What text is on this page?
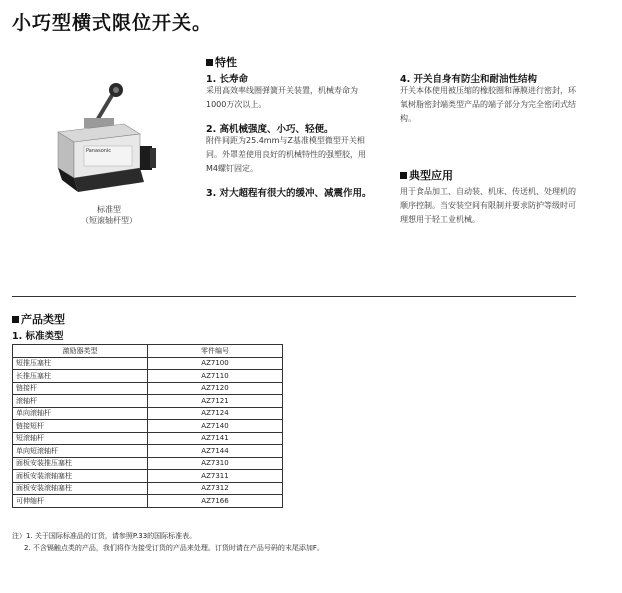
小巧型横式限位开关。
Panasonic
标准型
（短滚轴杆型）
特性
1. 长寿命
采用高效率线圈弹簧开关装置，机械寿命为
1000万次以上。
2. 高机械强度、小巧、轻便。
附件间距为25.4mm与Z基准模型微型开关相
同。外罩差使用良好的机械特性的强塑胶，用
M4螺钉固定。
3. 对大超程有很大的缓冲、减震作用。
4. 开关自身有防尘和耐油性结构
开关本体使用被压缩的橡胶圈和薄膜进行密封，环
氧树脂密封端类型产品的端子部分为完全密闭式结
构。
典型应用
用于食品加工、自动装、机床、传送机、处理机的
顺序控制。当安装空间有限制并要求防护等级时可
理想用于轻工业机械。
产品类型
1. 标准类型
激励器类型	零件编号
短推压塞柱	AZ7100
长推压塞柱	AZ7110
链接杆	AZ7120
滚轴杆	AZ7121
单向滚轴杆	AZ7124
链接短杆	AZ7140
短滚轴杆	AZ7141
单向短滚轴杆	AZ7144
面板安装推压塞柱	AZ7310
面板安装滚轴塞柱	AZ7311
面板安装滚轴塞柱	AZ7312
可伸缩杆	AZ7166
注）1. 关于国际标准品的订货，请参照P.33的国际标准表。
2. 不含镉触点类的产品，我们将作为接受订货的产品来处理。订货时请在产品号码的末尾添加F。
